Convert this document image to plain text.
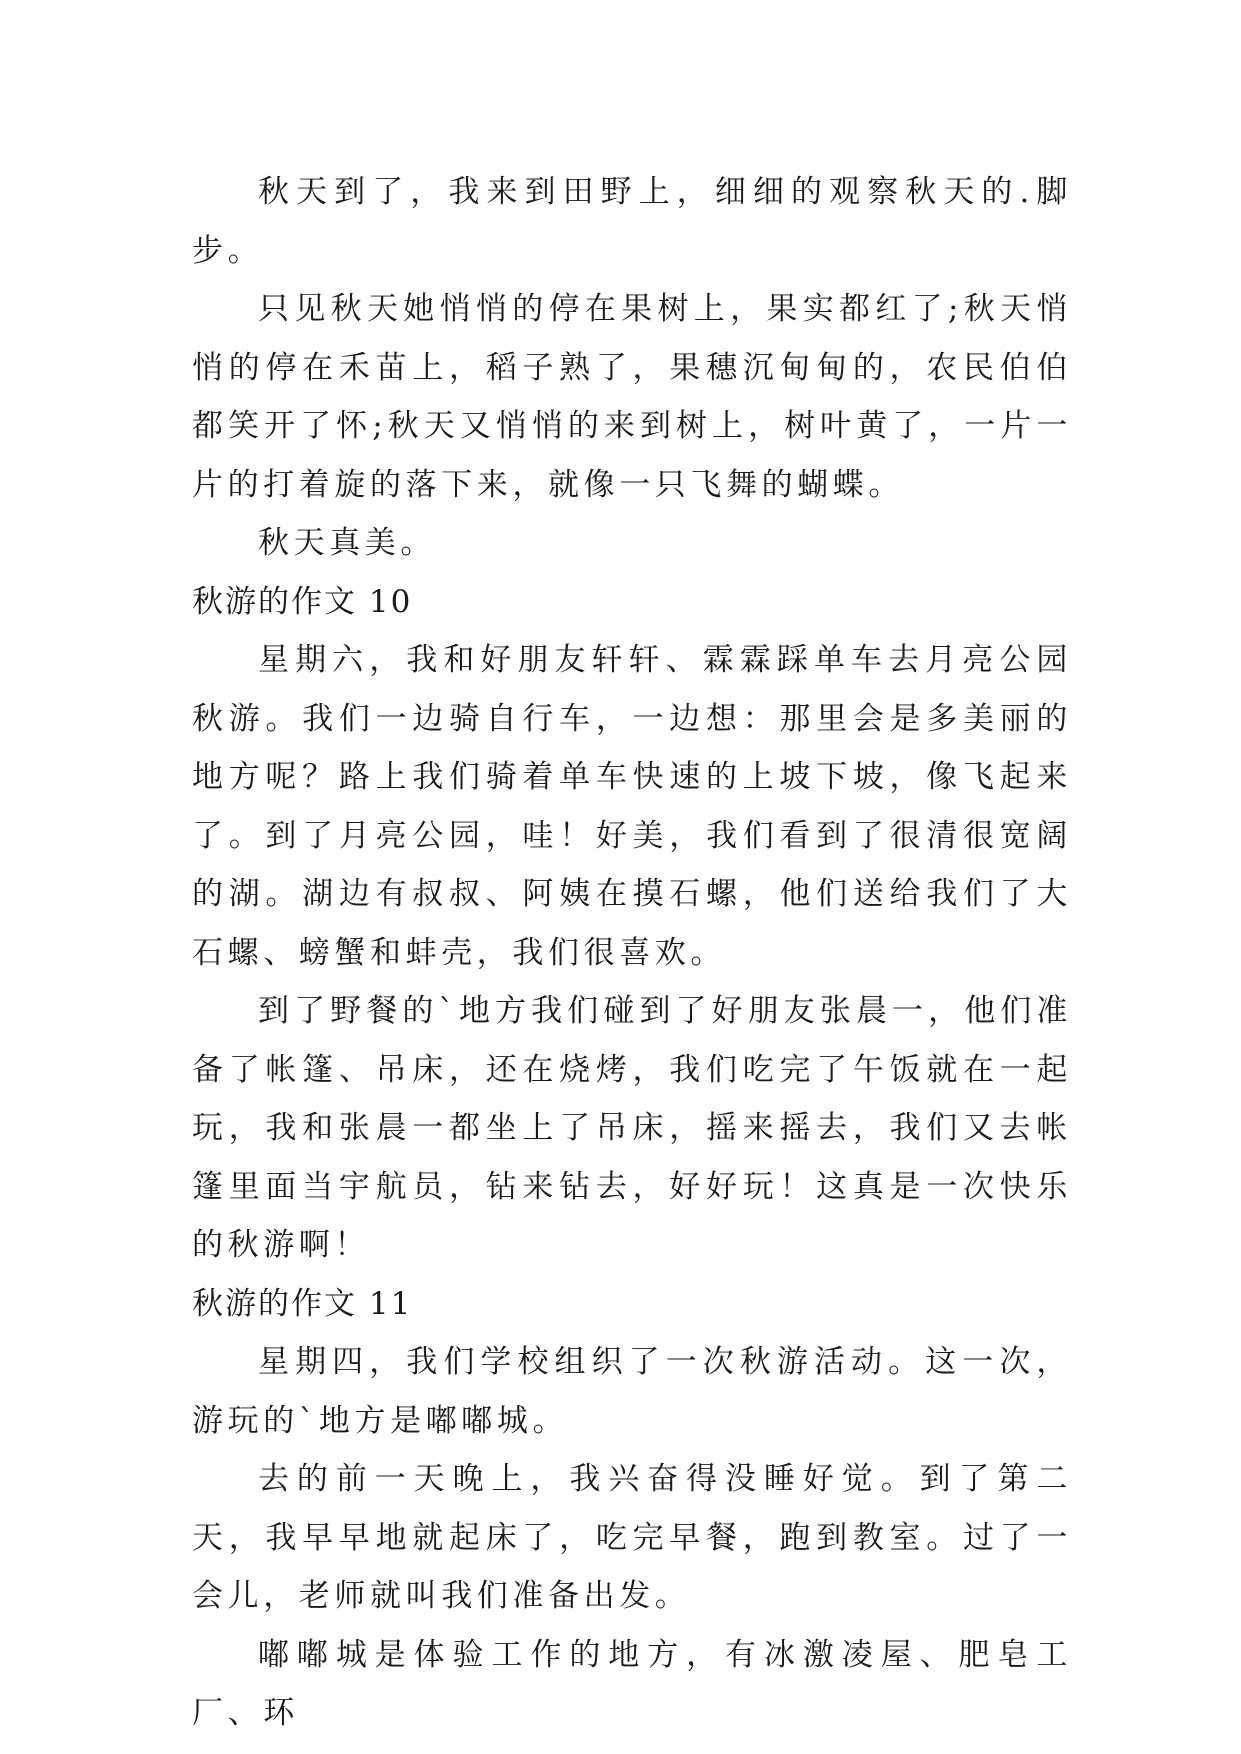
秋天到了，我来到田野上，细细的观察秋天的.脚步。

只见秋天她悄悄的停在果树上，果实都红了;秋天悄悄的停在禾苗上，稻子熟了，果穗沉甸甸的，农民伯伯都笑开了怀;秋天又悄悄的来到树上，树叶黄了，一片一片的打着旋的落下来，就像一只飞舞的蝴蝶。

秋天真美。

秋游的作文 10

星期六，我和好朋友轩轩、霖霖踩单车去月亮公园秋游。我们一边骑自行车，一边想：那里会是多美丽的地方呢？路上我们骑着单车快速的上坡下坡，像飞起来了。到了月亮公园，哇！好美，我们看到了很清很宽阔的湖。湖边有叔叔、阿姨在摸石螺，他们送给我们了大石螺、螃蟹和蚌壳，我们很喜欢。

到了野餐的`地方我们碰到了好朋友张晨一，他们准备了帐篷、吊床，还在烧烤，我们吃完了午饭就在一起玩，我和张晨一都坐上了吊床，摇来摇去，我们又去帐篷里面当宇航员，钻来钻去，好好玩！这真是一次快乐的秋游啊！

秋游的作文 11

星期四，我们学校组织了一次秋游活动。这一次，游玩的`地方是嘟嘟城。

去的前一天晚上，我兴奋得没睡好觉。到了第二天，我早早地就起床了，吃完早餐，跑到教室。过了一会儿，老师就叫我们准备出发。

嘟嘟城是体验工作的地方，有冰激凌屋、肥皂工厂、环
